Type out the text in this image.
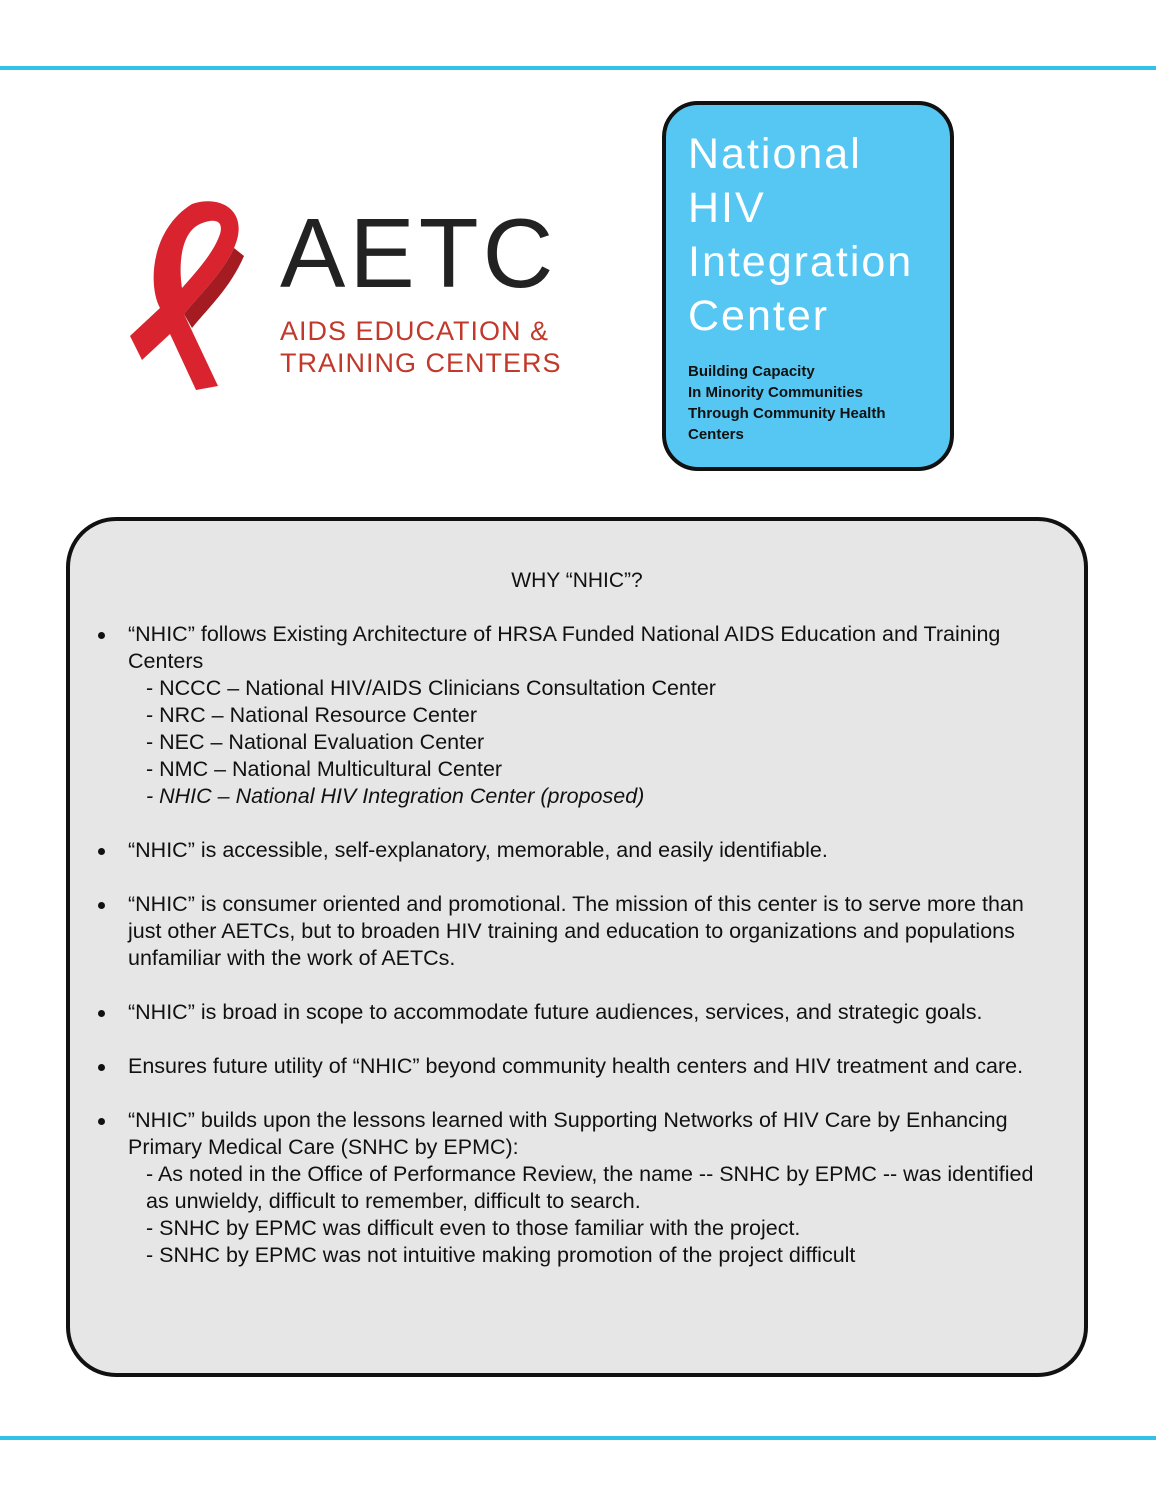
AETC
AIDS EDUCATION &
TRAINING CENTERS
National
HIV
Integration
Center
Building Capacity
In Minority Communities
Through Community Health
Centers
WHY “NHIC”?
“NHIC” follows Existing Architecture of HRSA Funded National AIDS Education and Training Centers
- NCCC – National HIV/AIDS Clinicians Consultation Center
- NRC – National Resource Center
- NEC – National Evaluation Center
- NMC – National Multicultural Center
- NHIC – National HIV Integration Center (proposed)
“NHIC” is accessible, self-explanatory, memorable, and easily identifiable.
“NHIC” is consumer oriented and promotional. The mission of this center is to serve more than just other AETCs, but to broaden HIV training and education to organizations and populations unfamiliar with the work of AETCs.
“NHIC” is broad in scope to accommodate future audiences, services, and strategic goals.
Ensures future utility of “NHIC” beyond community health centers and HIV treatment and care.
“NHIC” builds upon the lessons learned with Supporting Networks of HIV Care by Enhancing Primary Medical Care (SNHC by EPMC):
- As noted in the Office of Performance Review, the name -- SNHC by EPMC -- was identified as unwieldy, difficult to remember, difficult to search.
- SNHC by EPMC was difficult even to those familiar with the project.
- SNHC by EPMC was not intuitive making promotion of the project difficult
